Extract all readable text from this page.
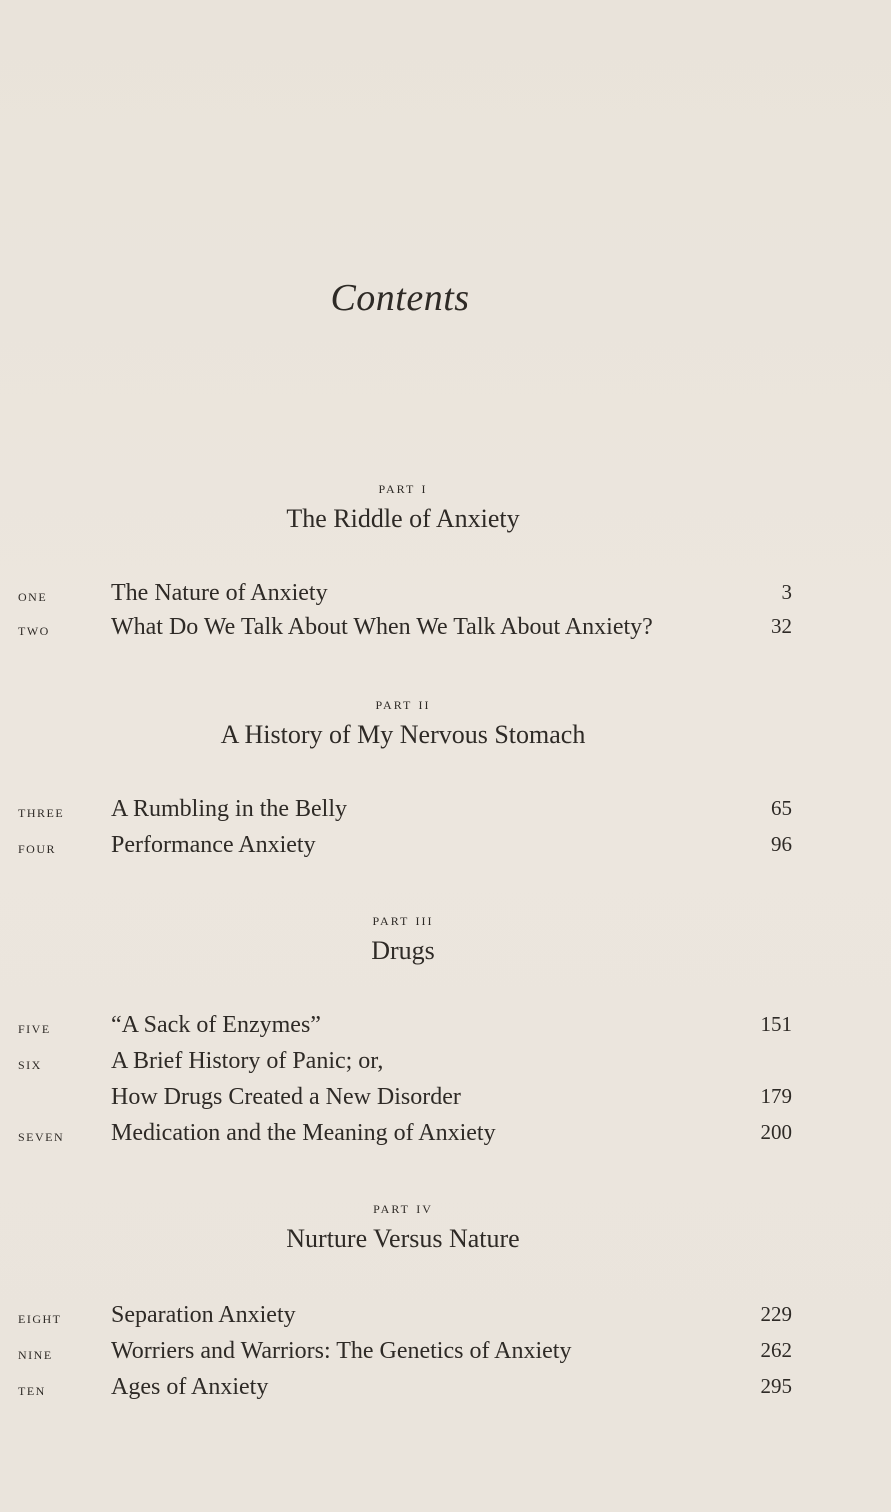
Contents
part i
The Riddle of Anxiety
one	The Nature of Anxiety	3
two	What Do We Talk About When We Talk About Anxiety?	32
part ii
A History of My Nervous Stomach
three A Rumbling in the Belly	65
four Performance Anxiety	96
part iii
Drugs
five	“A Sack of Enzymes”	151
six	A Brief History of Panic; or,
How Drugs Created a New Disorder	179
seven Medication and the Meaning of Anxiety	200
part iv
Nurture Versus Nature
eight Separation Anxiety	229
nine Worriers and Warriors: The Genetics of Anxiety	262
ten	Ages of Anxiety	295
